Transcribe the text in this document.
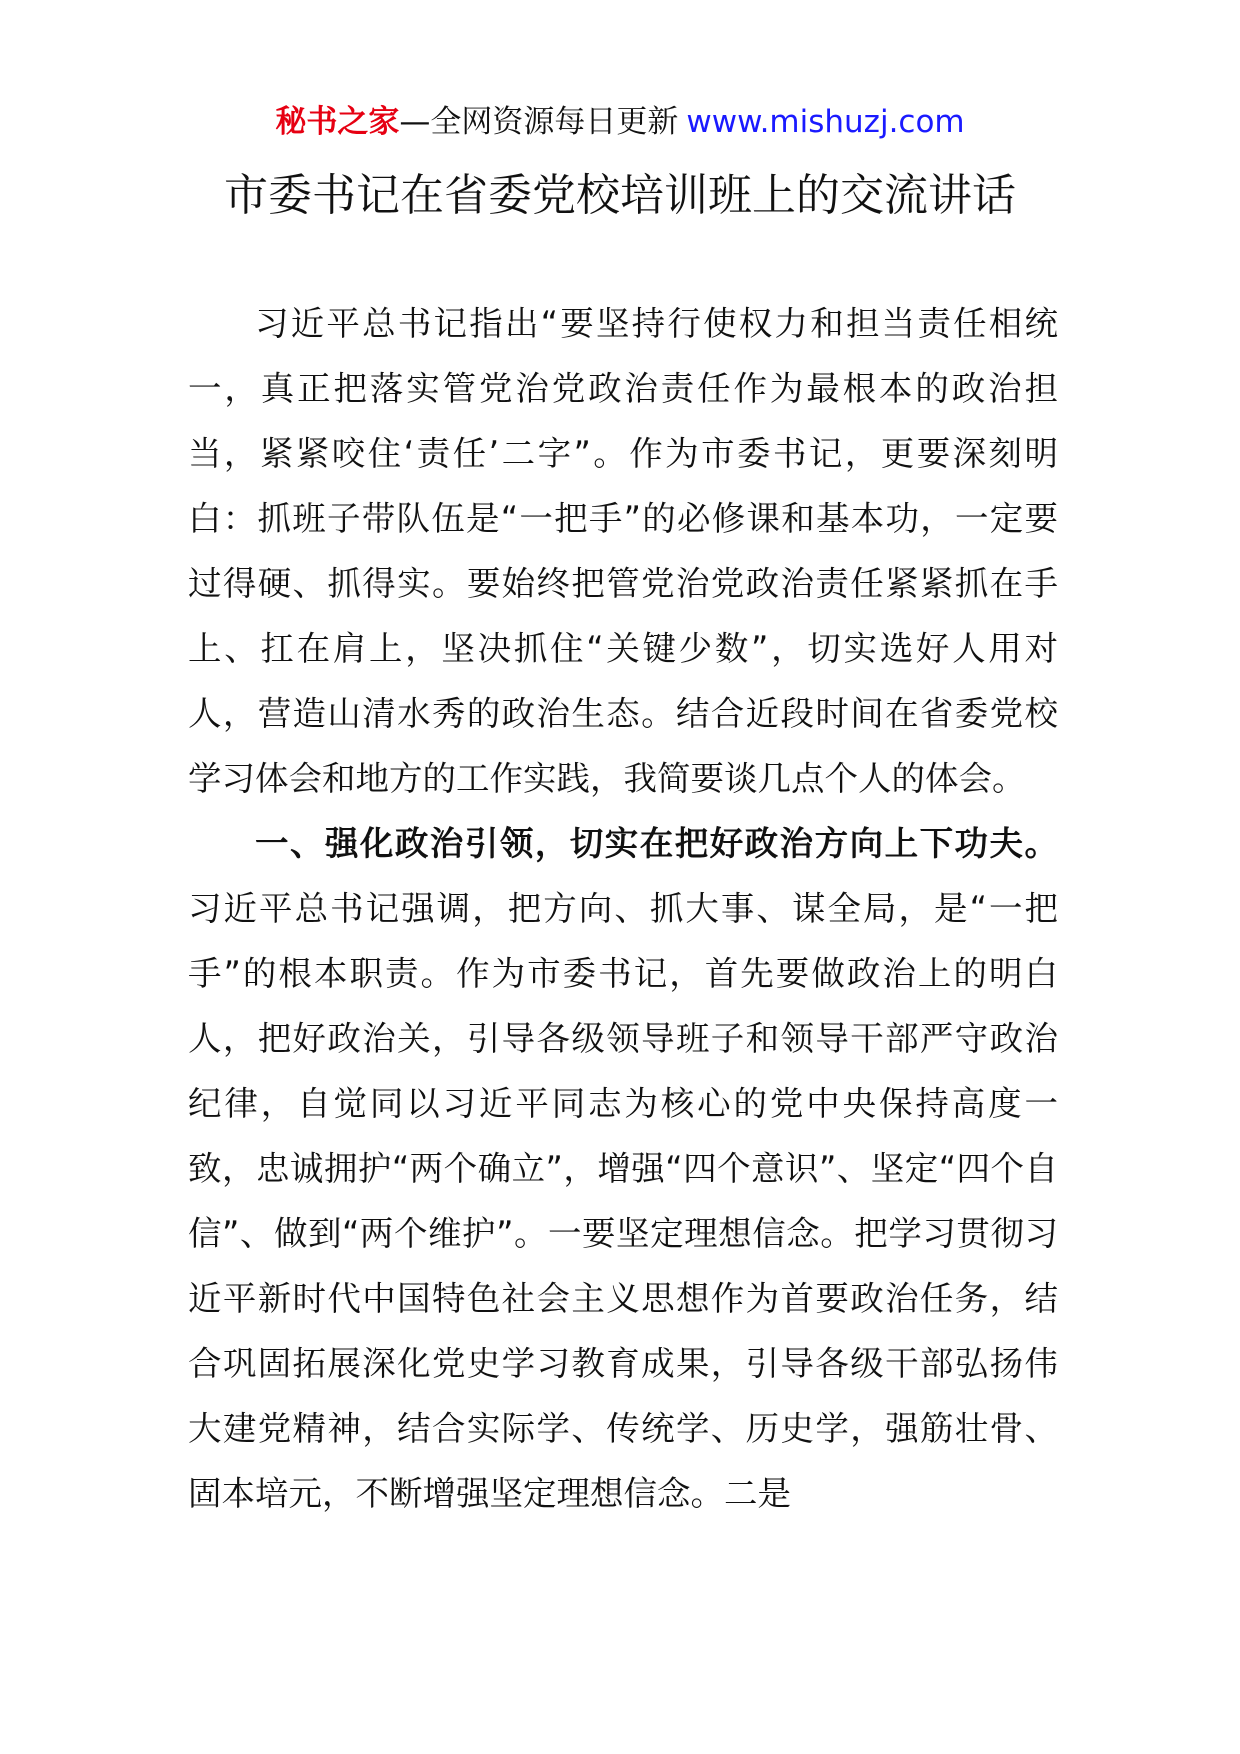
秘书之家—全网资源每日更新 www.mishuzj.com
市委书记在省委党校培训班上的交流讲话

习近平总书记指出“要坚持行使权力和担当责任相统一，真正把落实管党治党政治责任作为最根本的政治担当，紧紧咬住‘责任’二字”。作为市委书记，更要深刻明白：抓班子带队伍是“一把手”的必修课和基本功，一定要过得硬、抓得实。要始终把管党治党政治责任紧紧抓在手上、扛在肩上，坚决抓住“关键少数”，切实选好人用对人，营造山清水秀的政治生态。结合近段时间在省委党校学习体会和地方的工作实践，我简要谈几点个人的体会。

一、强化政治引领，切实在把好政治方向上下功夫。习近平总书记强调，把方向、抓大事、谋全局，是“一把手”的根本职责。作为市委书记，首先要做政治上的明白人，把好政治关，引导各级领导班子和领导干部严守政治纪律，自觉同以习近平同志为核心的党中央保持高度一致，忠诚拥护“两个确立”，增强“四个意识”、坚定“四个自信”、做到“两个维护”。一要坚定理想信念。把学习贯彻习近平新时代中国特色社会主义思想作为首要政治任务，结合巩固拓展深化党史学习教育成果，引导各级干部弘扬伟大建党精神，结合实际学、传统学、历史学，强筋壮骨、固本培元，不断增强坚定理想信念。二是
